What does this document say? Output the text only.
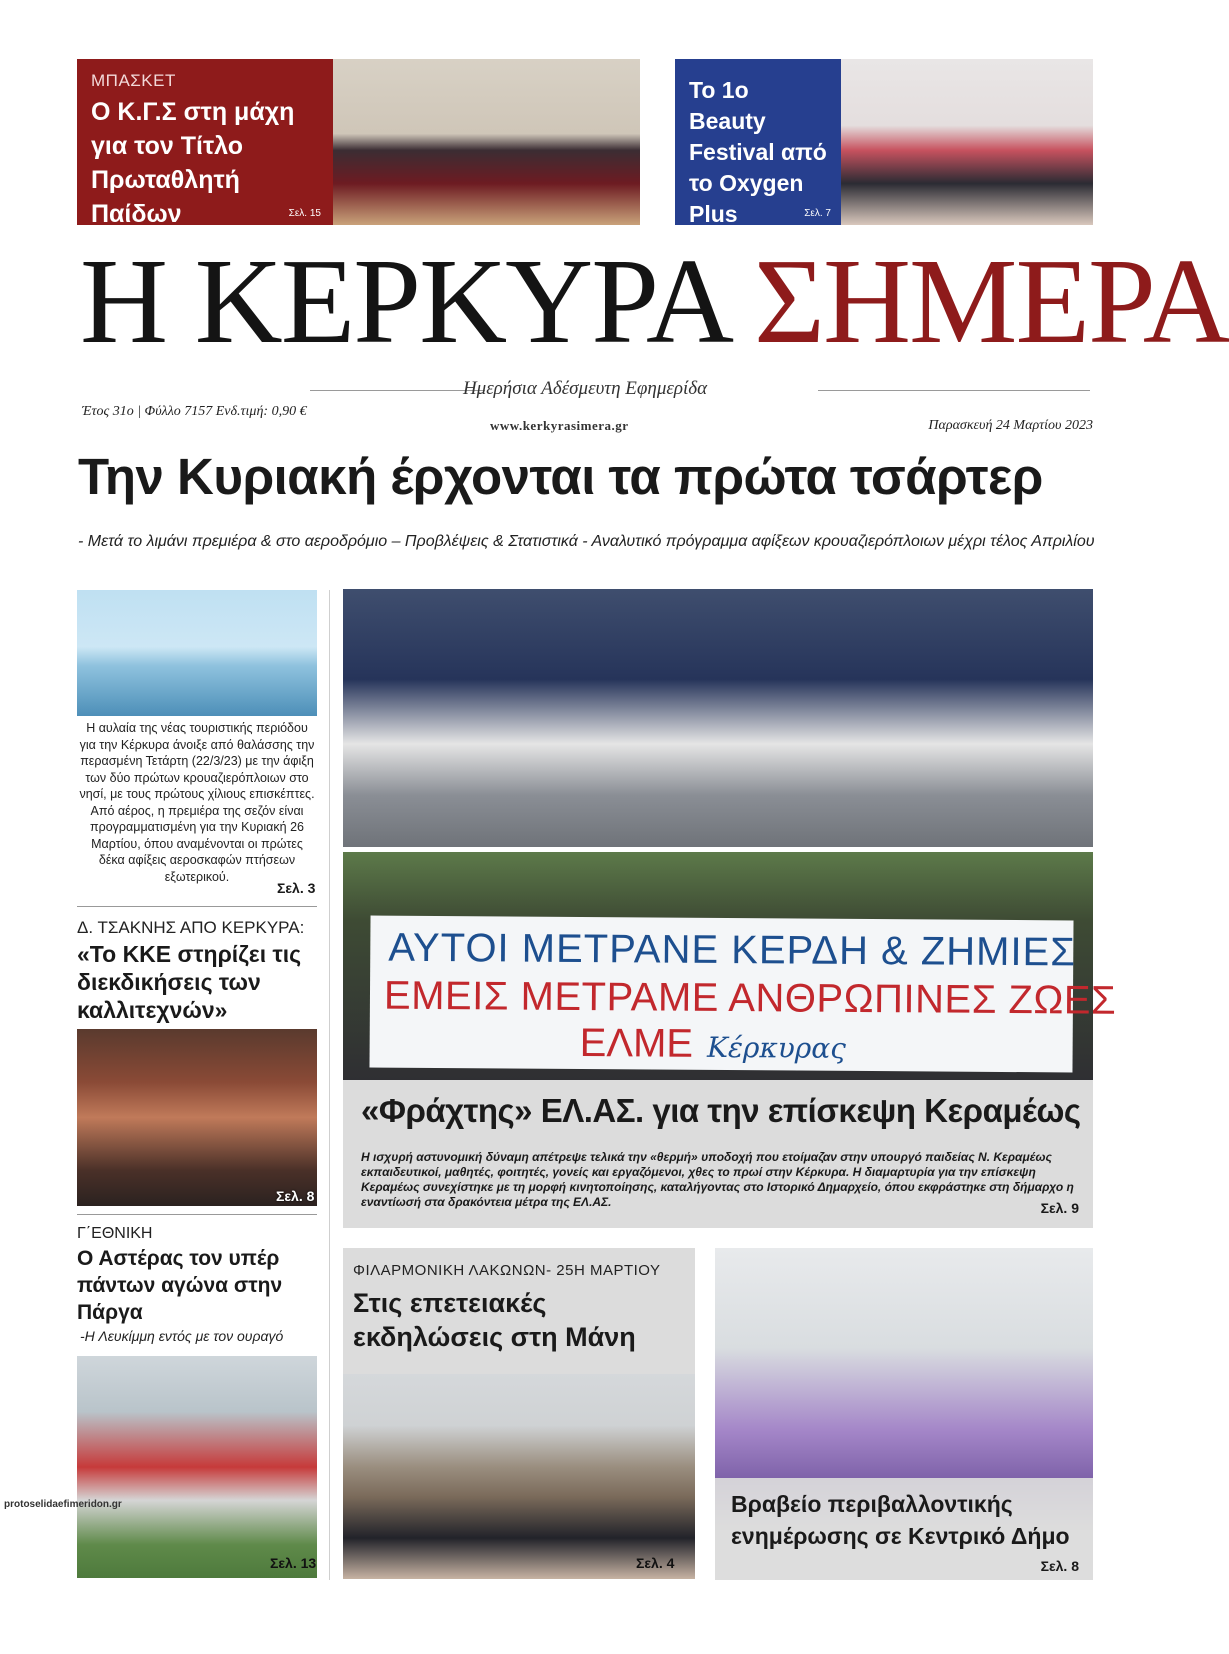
ΜΠΑΣΚΕΤ
Ο Κ.Γ.Σ στη μάχη για τον Τίτλο Πρωταθλητή Παίδων	Σελ. 15
Το 1ο Beauty Festival από το Oxygen Plus	Σελ. 7
Η ΚΕΡΚΥΡΑ ΣΗΜΕΡΑ
Ημερήσια Αδέσμευτη Εφημερίδα
Έτος 31ο | Φύλλο 7157 Ενδ.τιμή: 0,90 €
www.kerkyrasimera.gr	Παρασκευή 24 Μαρτίου 2023
Την Κυριακή έρχονται τα πρώτα τσάρτερ
- Μετά το λιμάνι πρεμιέρα & στο αεροδρόμιο – Προβλέψεις & Στατιστικά - Αναλυτικό πρόγραμμα αφίξεων κρουαζιερόπλοιων μέχρι τέλος Απριλίου
Η αυλαία της νέας τουριστικής περιόδου για την Κέρκυρα άνοιξε από θαλάσσης την περασμένη Τετάρτη (22/3/23) με την άφιξη των δύο πρώτων κρουαζιερόπλοιων στο νησί, με τους πρώτους χίλιους επισκέπτες. Από αέρος, η πρεμιέρα της σεζόν είναι προγραμματισμένη για την Κυριακή 26 Μαρτίου, όπου αναμένονται οι πρώτες δέκα αφίξεις αεροσκαφών πτήσεων εξωτερικού.
Σελ. 3
Δ. ΤΣΑΚΝΗΣ ΑΠΟ ΚΕΡΚΥΡΑ:
«Το ΚΚΕ στηρίζει τις διεκδικήσεις των καλλιτεχνών»
Σελ. 8
Γ΄ΕΘΝΙΚΗ
Ο Αστέρας τον υπέρ πάντων αγώνα στην Πάργα
-Η Λευκίμμη εντός με τον ουραγό
Σελ. 13
ΑΥΤΟΙ ΜΕΤΡΑΝΕ ΚΕΡΔΗ & ΖΗΜΙΕΣ
ΕΜΕΙΣ ΜΕΤΡΑΜΕ ΑΝΘΡΩΠΙΝΕΣ ΖΩΕΣ
ΕΛΜΕ Κέρκυρας
«Φράχτης» ΕΛ.ΑΣ. για την επίσκεψη Κεραμέως
Η ισχυρή αστυνομική δύναμη απέτρεψε τελικά την «θερμή» υποδοχή που ετοίμαζαν στην υπουργό παιδείας Ν. Κεραμέως εκπαιδευτικοί, μαθητές, φοιτητές, γονείς και εργαζόμενοι, χθες το πρωί στην Κέρκυρα. Η διαμαρτυρία για την επίσκεψη Κεραμέως συνεχίστηκε με τη μορφή κινητοποίησης, καταλήγοντας στο Ιστορικό Δημαρχείο, όπου εκφράστηκε στη δήμαρχο η εναντίωσή στα δρακόντεια μέτρα της ΕΛ.ΑΣ.	Σελ. 9
ΦΙΛΑΡΜΟΝΙΚΗ ΛΑΚΩΝΩΝ- 25Η ΜΑΡΤΙΟΥ
Στις επετειακές εκδηλώσεις στη Μάνη
Σελ. 4
Βραβείο περιβαλλοντικής ενημέρωσης σε Κεντρικό Δήμο
Σελ. 8
protoselidaefimeridon.gr
